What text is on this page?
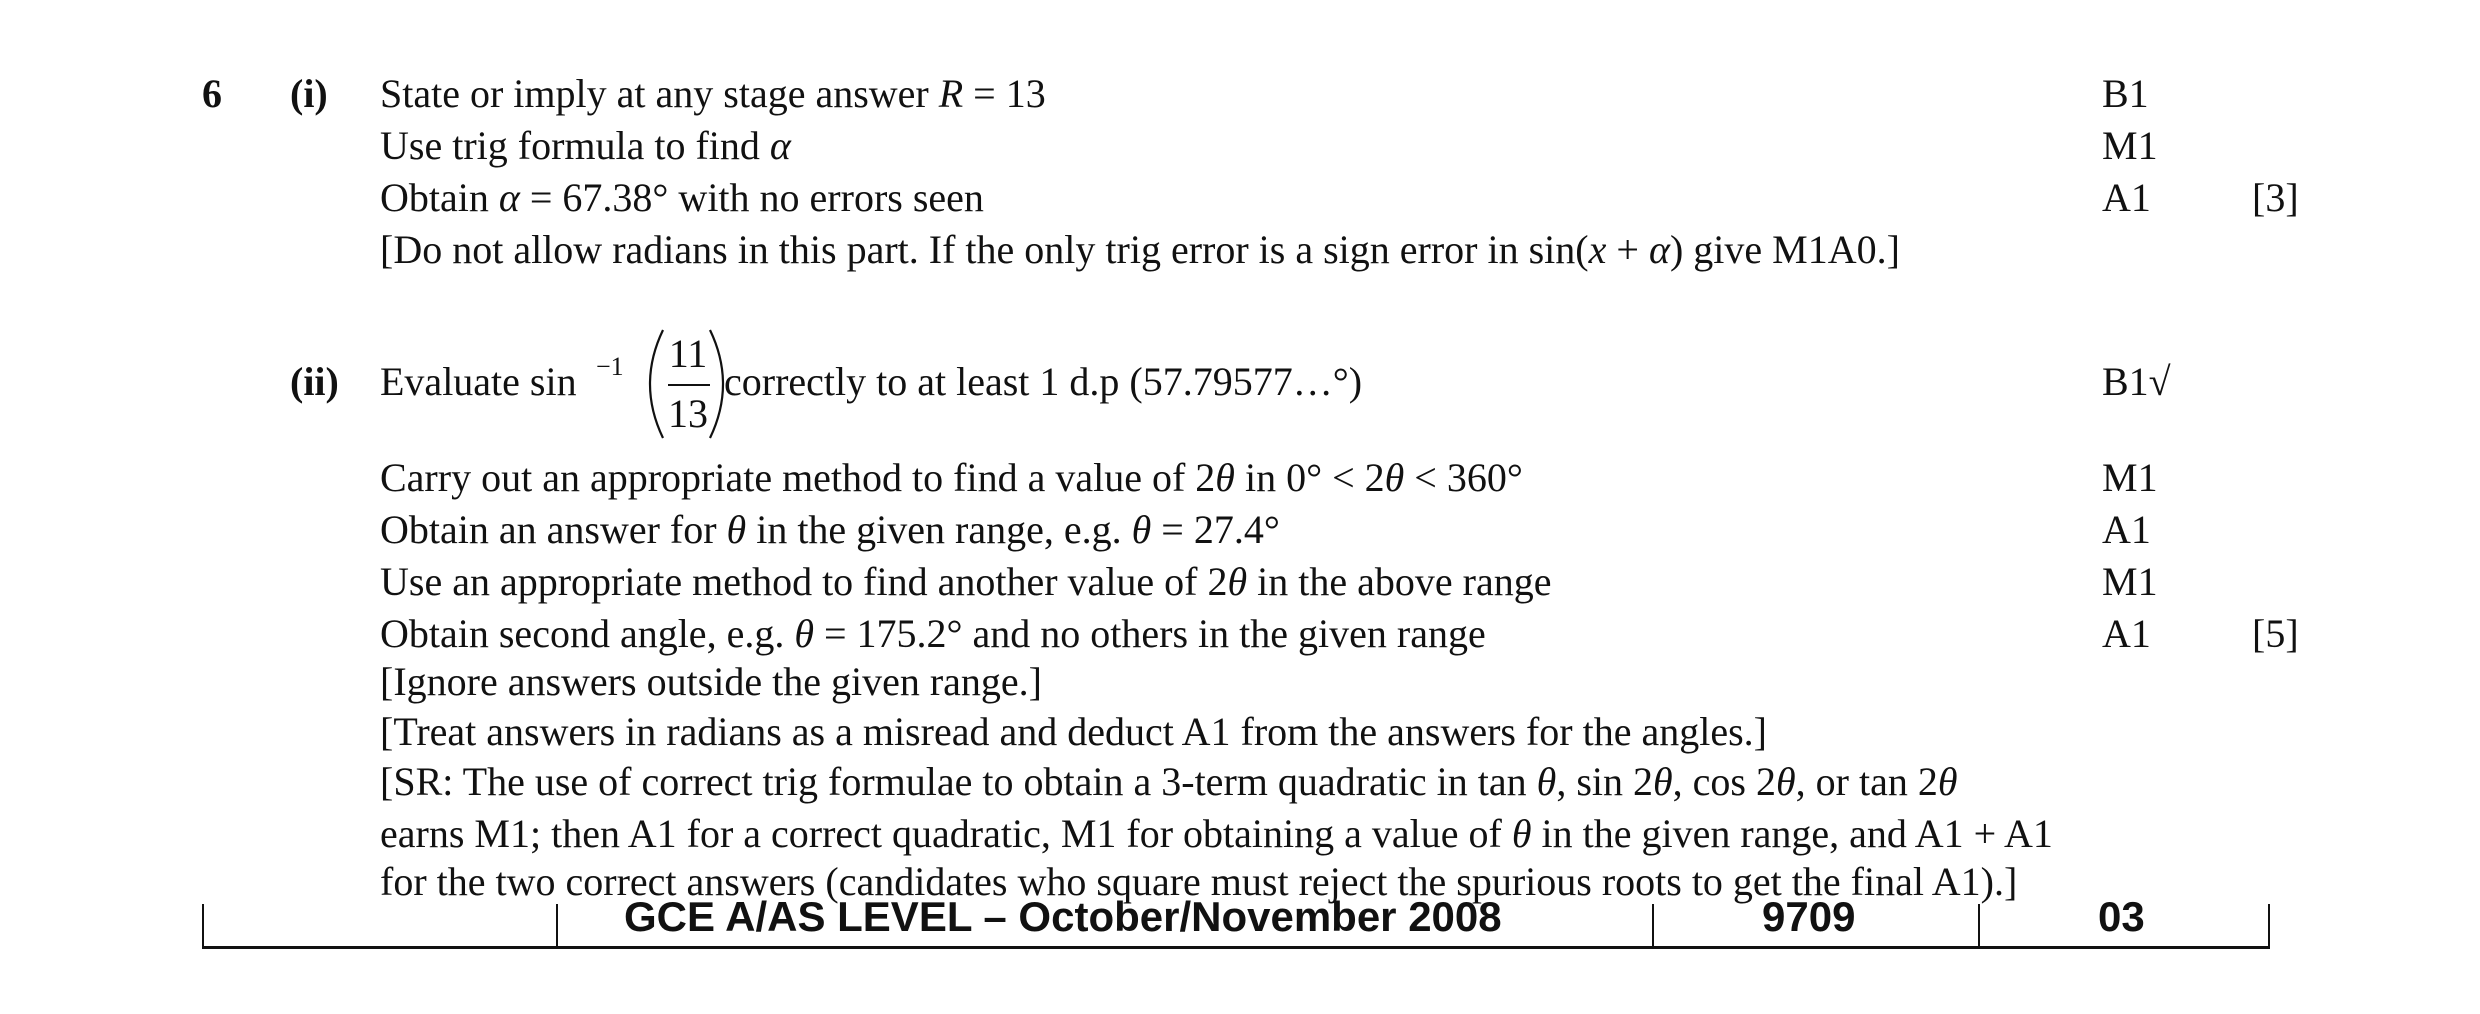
6 (i) State or imply at any stage answer R = 13	B1
Use trig formula to find α	M1
Obtain α = 67.38° with no errors seen	A1	[3]
[Do not allow radians in this part. If the only trig error is a sign error in sin(x + α) give M1A0.]
(ii) Evaluate sin −1 11
13
correctly to at least 1 d.p (57.79577…°)	B1√
Carry out an appropriate method to find a value of 2θ in 0° < 2θ < 360°	M1
Obtain an answer for θ in the given range, e.g. θ = 27.4°	A1
Use an appropriate method to find another value of 2θ in the above range	M1
Obtain second angle, e.g. θ = 175.2° and no others in the given range	A1	[5]
[Ignore answers outside the given range.]
[Treat answers in radians as a misread and deduct A1 from the answers for the angles.]
[SR: The use of correct trig formulae to obtain a 3-term quadratic in tan θ, sin 2θ, cos 2θ, or tan 2θ
earns M1; then A1 for a correct quadratic, M1 for obtaining a value of θ in the given range, and A1 + A1
for the two correct answers (candidates who square must reject the spurious roots to get the final A1).]
GCE A/AS LEVEL – October/November 2008	9709	03
